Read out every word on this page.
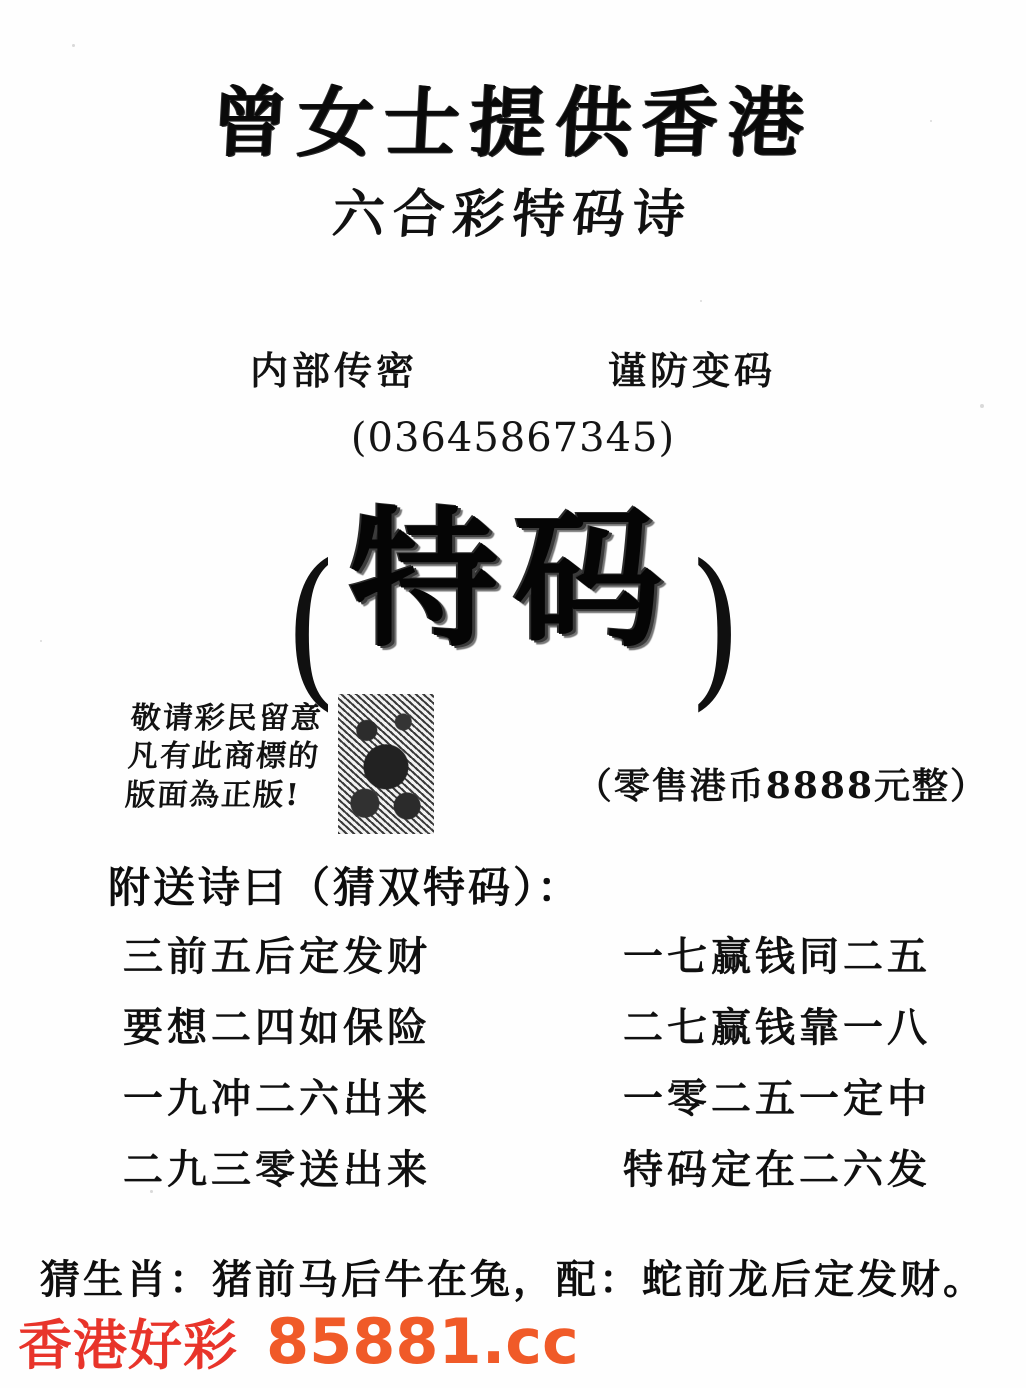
曾女士提供香港
六合彩特码诗
内部传密	谨防变码
(03645867345)
( 特码 )
敬请彩民留意
凡有此商標的
版面為正版!	（零售港币8888元整）
附送诗曰（猜双特码）：
三前五后定发财	一七赢钱同二五
要想二四如保险	二七赢钱靠一八
一九冲二六出来	一零二五一定中
二九三零送出来	特码定在二六发
猜生肖：猪前马后牛在兔，配：蛇前龙后定发财。
香港好彩 85881.cc
